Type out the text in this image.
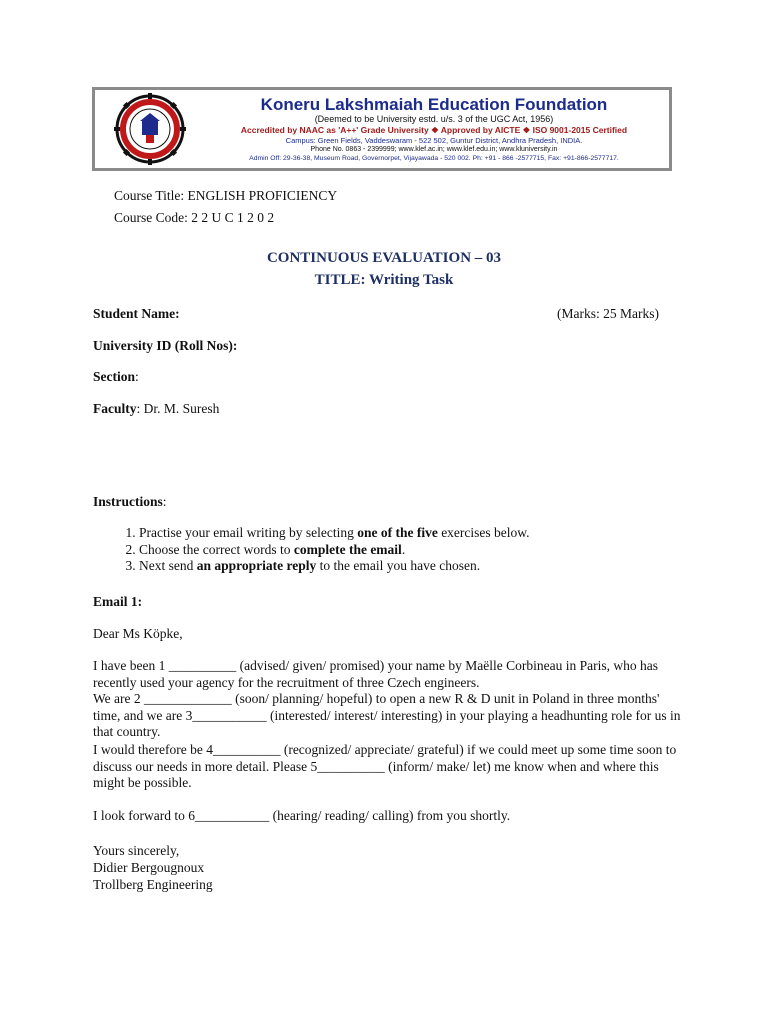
Koneru Lakshmaiah Education Foundation
(Deemed to be University estd. u/s. 3 of the UGC Act, 1956)
Accredited by NAAC as 'A++' Grade University ❖ Approved by AICTE ❖ ISO 9001-2015 Certified
Campus: Green Fields, Vaddeswaram - 522 502, Guntur District, Andhra Pradesh, INDIA.
Phone No. 0863 - 2399999; www.klef.ac.in; www.klef.edu.in; www.kluniversity.in
Admin Off: 29-36-38, Museum Road, Governorpet, Vijayawada - 520 002. Ph: +91 - 866 -2577715, Fax: +91-866-2577717.
Course Title: ENGLISH PROFICIENCY
Course Code: 2 2 U C 1 2 0 2
CONTINUOUS EVALUATION – 03
TITLE: Writing Task
Student Name:	(Marks: 25 Marks)
University ID (Roll Nos):
Section:
Faculty: Dr. M. Suresh
Instructions:
1. Practise your email writing by selecting one of the five exercises below.
2. Choose the correct words to complete the email.
3. Next send an appropriate reply to the email you have chosen.
Email 1:
Dear Ms Köpke,
I have been 1 __________ (advised/ given/ promised) your name by Maëlle Corbineau in Paris, who has recently used your agency for the recruitment of three Czech engineers.
We are 2 _____________ (soon/ planning/ hopeful) to open a new R & D unit in Poland in three months' time, and we are 3___________ (interested/ interest/ interesting) in your playing a headhunting role for us in that country.
I would therefore be 4__________ (recognized/ appreciate/ grateful) if we could meet up some time soon to discuss our needs in more detail. Please 5__________ (inform/ make/ let) me know when and where this might be possible.
I look forward to 6___________ (hearing/ reading/ calling) from you shortly.
Yours sincerely,
Didier Bergougnoux
Trollberg Engineering
